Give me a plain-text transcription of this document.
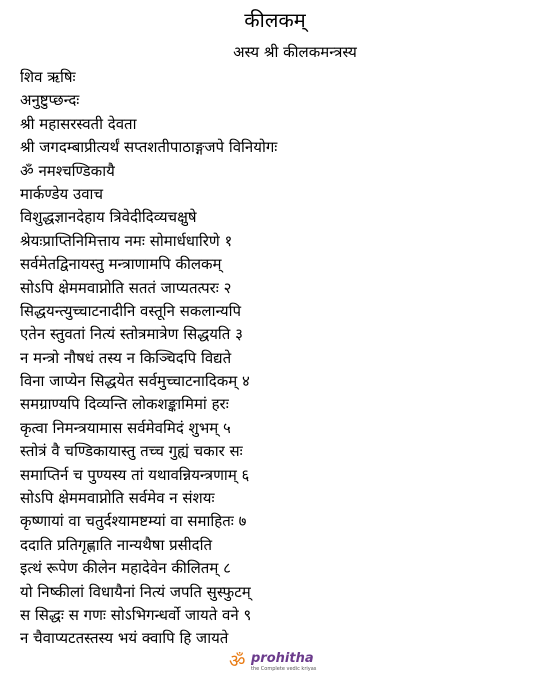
कीलकम्
अस्य श्री कीलकमन्त्रस्य
शिव ऋषिः
अनुष्टुप्छन्दः
श्री महासरस्वती देवता
श्री जगदम्बाप्रीत्यर्थं सप्तशतीपाठाङ्गजपे विनियोगः
ॐ नमश्चण्डिकायै
मार्कण्डेय उवाच
विशुद्धज्ञानदेहाय त्रिवेदीदिव्यचक्षुषे
श्रेयःप्राप्तिनिमित्ताय नमः सोमार्धधारिणे १
सर्वमेतद्विनायस्तु मन्त्राणामपि कीलकम्
सोऽपि क्षेममवाप्नोति सततं जाप्यतत्परः २
सिद्धयन्त्युच्चाटनादीनि वस्तूनि सकलान्यपि
एतेन स्तुवतां नित्यं स्तोत्रमात्रेण सिद्धयति ३
न मन्त्रो नौषधं तस्य न किञ्चिदपि विद्यते
विना जाप्येन सिद्धयेत सर्वमुच्चाटनादिकम् ४
समग्राण्यपि दिव्यन्ति लोकशङ्कामिमां हरः
कृत्वा निमन्त्रयामास सर्वमेवमिदं शुभम् ५
स्तोत्रं वै चण्डिकायास्तु तच्च गुह्यं चकार सः
समाप्तिर्न च पुण्यस्य तां यथावन्नियन्त्रणाम् ६
सोऽपि क्षेममवाप्नोति सर्वमेव न संशयः
कृष्णायां वा चतुर्दश्यामष्टम्यां वा समाहितः ७
ददाति प्रतिगृह्णाति नान्यथैषा प्रसीदति
इत्थं रूपेण कीलेन महादेवेन कीलितम् ८
यो निष्कीलां विधायैनां नित्यं जपति सुस्फुटम्
स सिद्धः स गणः सोऽभिगन्धर्वो जायते वने ९
न चैवाप्यटतस्तस्य भयं क्वापि हि जायते
ॐ prohitha
the Complete vedic kriyas
